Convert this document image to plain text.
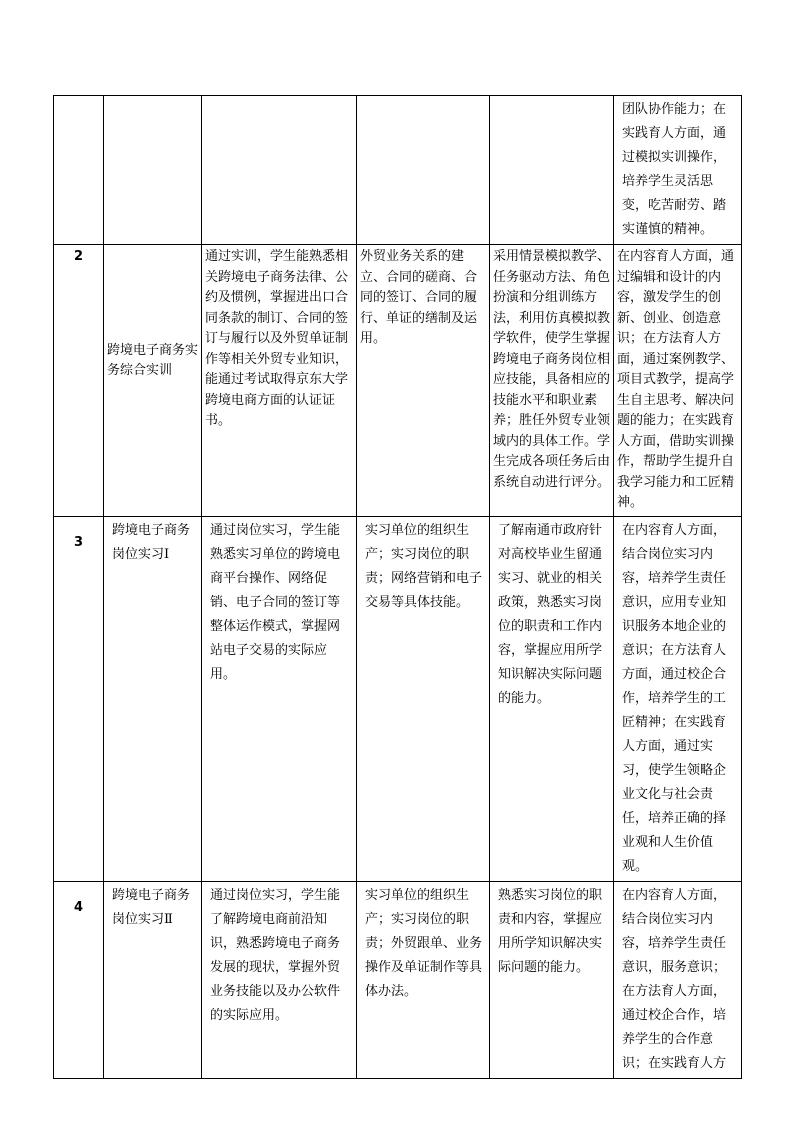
					团队协作能力；在实践育人方面，通过模拟实训操作，培养学生灵活思变，吃苦耐劳、踏实谨慎的精神。
2	跨境电子商务实务综合实训	通过实训，学生能熟悉相关跨境电子商务法律、公约及惯例，掌握进出口合同条款的制订、合同的签订与履行以及外贸单证制作等相关外贸专业知识，能通过考试取得京东大学跨境电商方面的认证证书。	外贸业务关系的建立、合同的磋商、合同的签订、合同的履行、单证的缮制及运用。	采用情景模拟教学、任务驱动方法、角色扮演和分组训练方法，利用仿真模拟教学软件，使学生掌握跨境电子商务岗位相应技能，具备相应的技能水平和职业素养；胜任外贸专业领域内的具体工作。学生完成各项任务后由系统自动进行评分。	在内容育人方面，通过编辑和设计的内容，激发学生的创新、创业、创造意识；在方法育人方面，通过案例教学、项目式教学，提高学生自主思考、解决问题的能力；在实践育人方面，借助实训操作，帮助学生提升自我学习能力和工匠精神。
3	跨境电子商务岗位实习Ⅰ	通过岗位实习，学生能熟悉实习单位的跨境电商平台操作、网络促销、电子合同的签订等整体运作模式，掌握网站电子交易的实际应用。	实习单位的组织生产；实习岗位的职责；网络营销和电子交易等具体技能。	了解南通市政府针对高校毕业生留通实习、就业的相关政策，熟悉实习岗位的职责和工作内容，掌握应用所学知识解决实际问题的能力。	在内容育人方面，结合岗位实习内容，培养学生责任意识，应用专业知识服务本地企业的意识；在方法育人方面，通过校企合作，培养学生的工匠精神；在实践育人方面，通过实习，使学生领略企业文化与社会责任，培养正确的择业观和人生价值观。
4	跨境电子商务岗位实习Ⅱ	通过岗位实习，学生能了解跨境电商前沿知识，熟悉跨境电子商务发展的现状，掌握外贸业务技能以及办公软件的实际应用。	实习单位的组织生产；实习岗位的职责；外贸跟单、业务操作及单证制作等具体办法。	熟悉实习岗位的职责和内容，掌握应用所学知识解决实际问题的能力。	在内容育人方面，结合岗位实习内容，培养学生责任意识，服务意识；在方法育人方面，通过校企合作，培养学生的合作意识；在实践育人方
